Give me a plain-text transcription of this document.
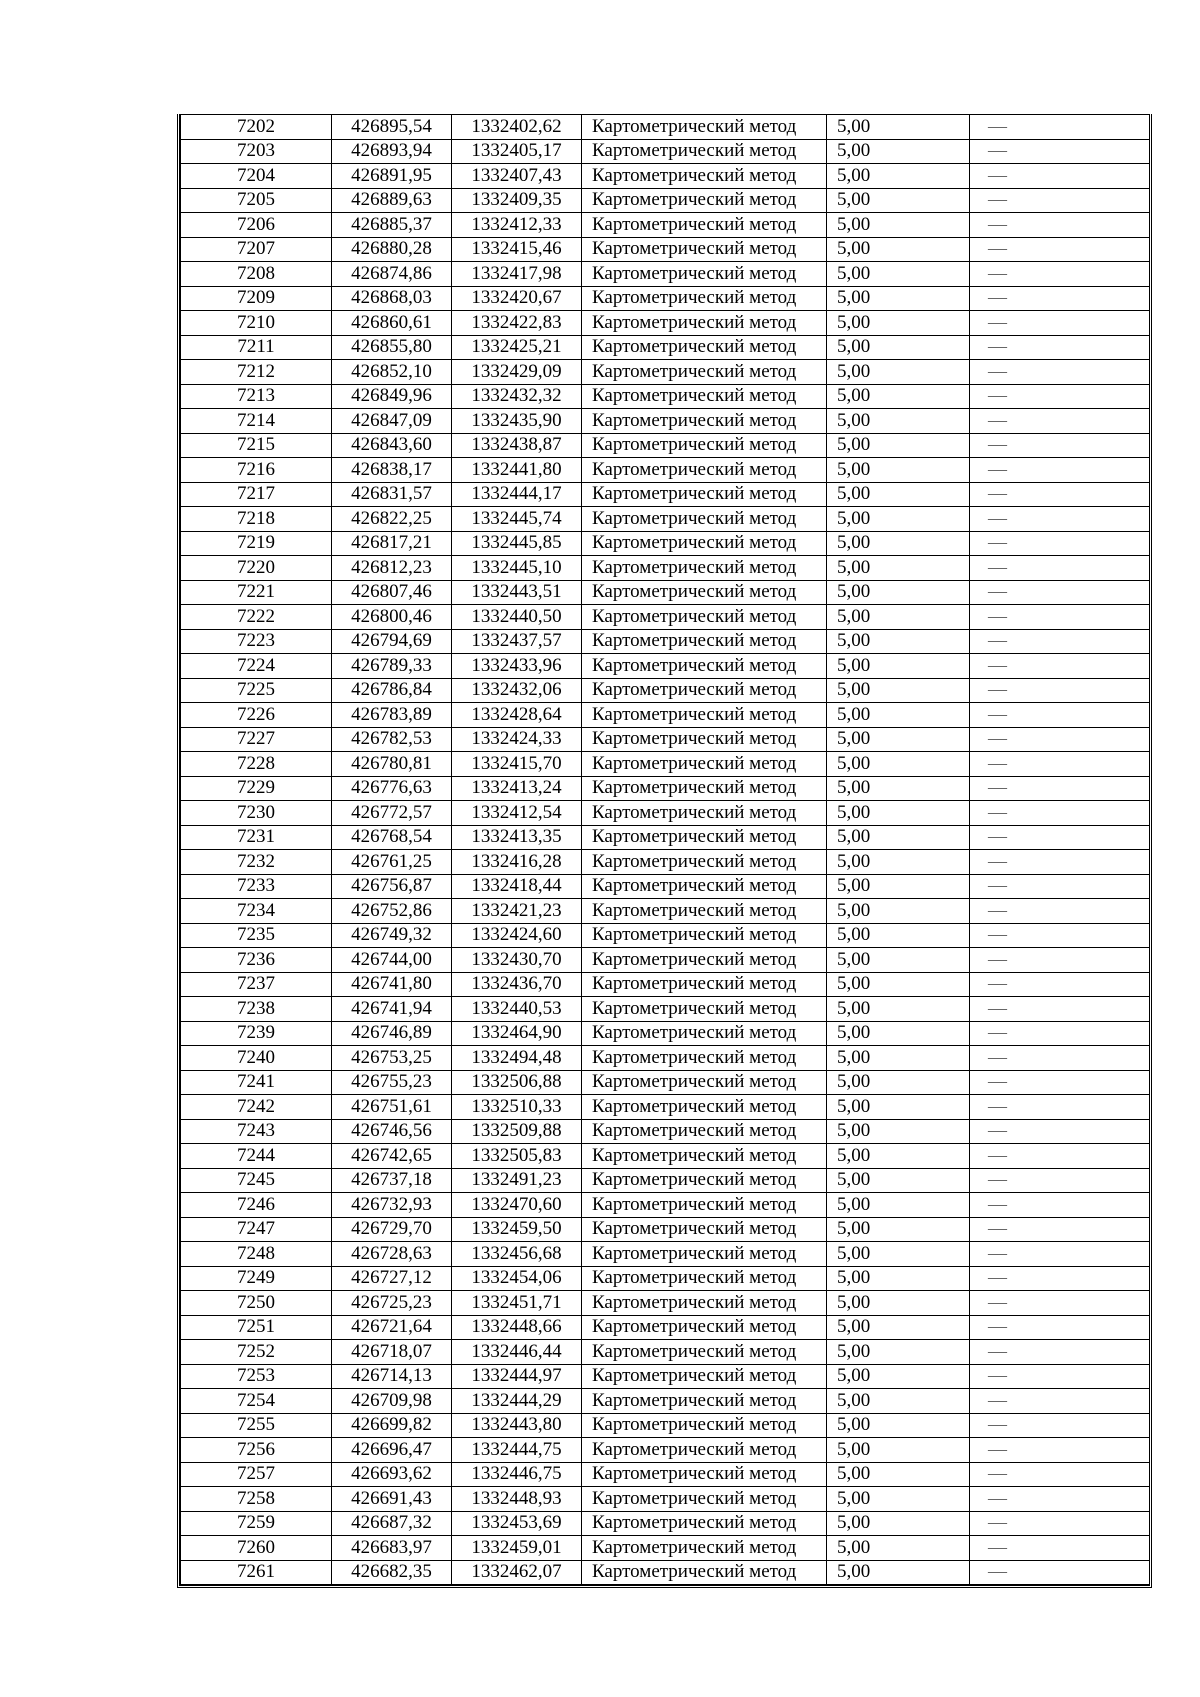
7202	426895,54	1332402,62	Картометрический метод	5,00	—
7203	426893,94	1332405,17	Картометрический метод	5,00	—
7204	426891,95	1332407,43	Картометрический метод	5,00	—
7205	426889,63	1332409,35	Картометрический метод	5,00	—
7206	426885,37	1332412,33	Картометрический метод	5,00	—
7207	426880,28	1332415,46	Картометрический метод	5,00	—
7208	426874,86	1332417,98	Картометрический метод	5,00	—
7209	426868,03	1332420,67	Картометрический метод	5,00	—
7210	426860,61	1332422,83	Картометрический метод	5,00	—
7211	426855,80	1332425,21	Картометрический метод	5,00	—
7212	426852,10	1332429,09	Картометрический метод	5,00	—
7213	426849,96	1332432,32	Картометрический метод	5,00	—
7214	426847,09	1332435,90	Картометрический метод	5,00	—
7215	426843,60	1332438,87	Картометрический метод	5,00	—
7216	426838,17	1332441,80	Картометрический метод	5,00	—
7217	426831,57	1332444,17	Картометрический метод	5,00	—
7218	426822,25	1332445,74	Картометрический метод	5,00	—
7219	426817,21	1332445,85	Картометрический метод	5,00	—
7220	426812,23	1332445,10	Картометрический метод	5,00	—
7221	426807,46	1332443,51	Картометрический метод	5,00	—
7222	426800,46	1332440,50	Картометрический метод	5,00	—
7223	426794,69	1332437,57	Картометрический метод	5,00	—
7224	426789,33	1332433,96	Картометрический метод	5,00	—
7225	426786,84	1332432,06	Картометрический метод	5,00	—
7226	426783,89	1332428,64	Картометрический метод	5,00	—
7227	426782,53	1332424,33	Картометрический метод	5,00	—
7228	426780,81	1332415,70	Картометрический метод	5,00	—
7229	426776,63	1332413,24	Картометрический метод	5,00	—
7230	426772,57	1332412,54	Картометрический метод	5,00	—
7231	426768,54	1332413,35	Картометрический метод	5,00	—
7232	426761,25	1332416,28	Картометрический метод	5,00	—
7233	426756,87	1332418,44	Картометрический метод	5,00	—
7234	426752,86	1332421,23	Картометрический метод	5,00	—
7235	426749,32	1332424,60	Картометрический метод	5,00	—
7236	426744,00	1332430,70	Картометрический метод	5,00	—
7237	426741,80	1332436,70	Картометрический метод	5,00	—
7238	426741,94	1332440,53	Картометрический метод	5,00	—
7239	426746,89	1332464,90	Картометрический метод	5,00	—
7240	426753,25	1332494,48	Картометрический метод	5,00	—
7241	426755,23	1332506,88	Картометрический метод	5,00	—
7242	426751,61	1332510,33	Картометрический метод	5,00	—
7243	426746,56	1332509,88	Картометрический метод	5,00	—
7244	426742,65	1332505,83	Картометрический метод	5,00	—
7245	426737,18	1332491,23	Картометрический метод	5,00	—
7246	426732,93	1332470,60	Картометрический метод	5,00	—
7247	426729,70	1332459,50	Картометрический метод	5,00	—
7248	426728,63	1332456,68	Картометрический метод	5,00	—
7249	426727,12	1332454,06	Картометрический метод	5,00	—
7250	426725,23	1332451,71	Картометрический метод	5,00	—
7251	426721,64	1332448,66	Картометрический метод	5,00	—
7252	426718,07	1332446,44	Картометрический метод	5,00	—
7253	426714,13	1332444,97	Картометрический метод	5,00	—
7254	426709,98	1332444,29	Картометрический метод	5,00	—
7255	426699,82	1332443,80	Картометрический метод	5,00	—
7256	426696,47	1332444,75	Картометрический метод	5,00	—
7257	426693,62	1332446,75	Картометрический метод	5,00	—
7258	426691,43	1332448,93	Картометрический метод	5,00	—
7259	426687,32	1332453,69	Картометрический метод	5,00	—
7260	426683,97	1332459,01	Картометрический метод	5,00	—
7261	426682,35	1332462,07	Картометрический метод	5,00	—
